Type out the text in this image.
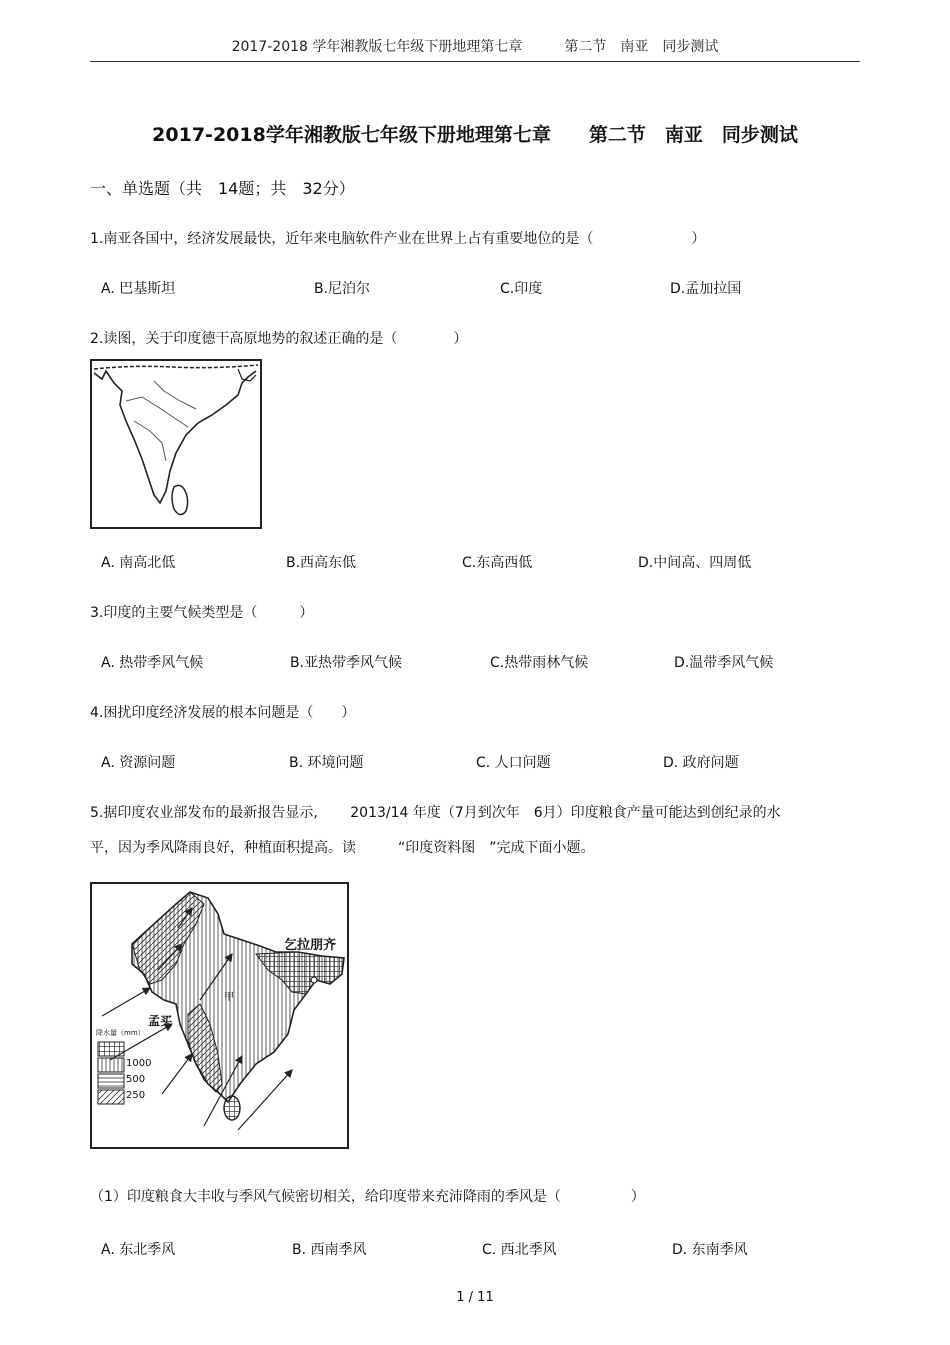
2017-2018 学年湘教版七年级下册地理第七章　　　第二节　南亚　同步测试
2017-2018学年湘教版七年级下册地理第七章　　第二节　南亚　同步测试
一、单选题（共　14题；共　32分）
1.南亚各国中，经济发展最快，近年来电脑软件产业在世界上占有重要地位的是（　　　　　　　）
A. 巴基斯坦	B.尼泊尔	C.印度	D.孟加拉国
2.读图，关于印度德干高原地势的叙述正确的是（　　　　）
A. 南高北低	B.西高东低	C.东高西低	D.中间高、四周低
3.印度的主要气候类型是（　　　）
A. 热带季风气候	B.亚热带季风气候	C.热带雨林气候	D.温带季风气候
4.困扰印度经济发展的根本问题是（　　）
A. 资源问题	B. 环境问题	C. 人口问题	D. 政府问题
5.据印度农业部发布的最新报告显示,　　 2013/14 年度（7月到次年　6月）印度粮食产量可能达到创纪录的水
平，因为季风降雨良好，种植面积提高。读　　　“印度资料图　”完成下面小题。
乞拉朋齐
孟买
甲
降水量（mm）
1000
500
250
（1）印度粮食大丰收与季风气候密切相关，给印度带来充沛降雨的季风是（　　　　　）
A. 东北季风	B. 西南季风	C. 西北季风	D. 东南季风
1 / 11
